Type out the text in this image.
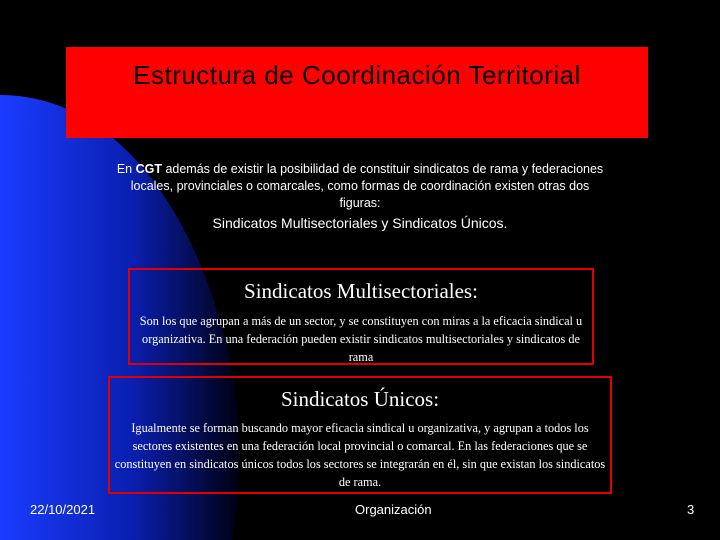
Estructura de Coordinación Territorial
En CGT además de existir la posibilidad de constituir sindicatos de rama y federaciones locales, provinciales o comarcales, como formas de coordinación existen otras dos figuras:
Sindicatos Multisectoriales y Sindicatos Únicos.
Sindicatos Multisectoriales:
Son los que agrupan a más de un sector, y se constituyen con miras a la eficacia sindical u organizativa. En una federación pueden existir sindicatos multisectoriales y sindicatos de rama
Sindicatos Únicos:
Igualmente se forman buscando mayor eficacia sindical u organizativa, y agrupan a todos los sectores existentes en una federación local provincial o comarcal. En las federaciones que se constituyen en sindicatos únicos todos los sectores se integrarán en él, sin que existan los sindicatos de rama.
22/10/2021	Organización	3
